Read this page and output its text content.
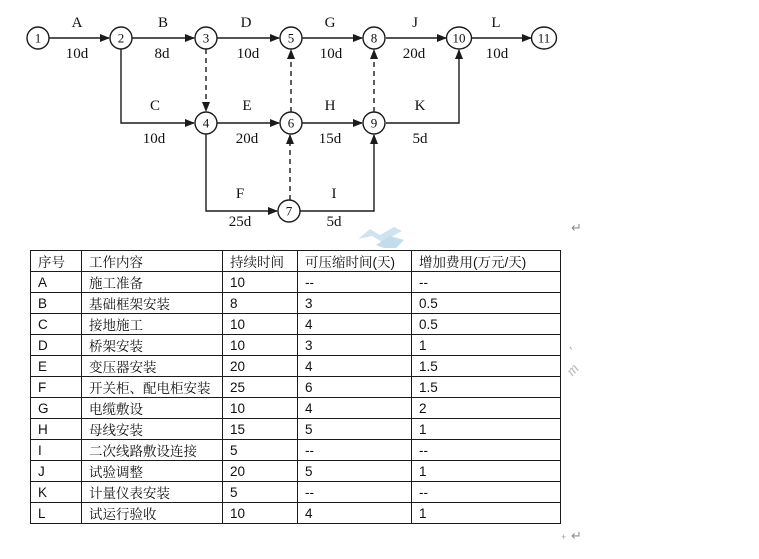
A
10d
B
8d
D
10d
G
10d
J
20d
L
10d
C
10d
E
20d
H
15d
K
5d
F
25d
I
5d
1	2	3	5	8	10	11
4	6	9
7
'
m
序号	工作内容	持续时间	可压缩时间(天)	增加费用(万元/天)
A	施工准备	10	--	--
B	基础框架安装	8	3	0.5
C	接地施工	10	4	0.5
D	桥架安装	10	3	1
E	变压器安装	20	4	1.5
F	开关柜、配电柜安装	25	6	1.5
G	电缆敷设	10	4	2
H	母线安装	15	5	1
I	二次线路敷设连接	5	--	--
J	试验调整	20	5	1
K	计量仪表安装	5	--	--
L	试运行验收	10	4	1
↵
↵
+
